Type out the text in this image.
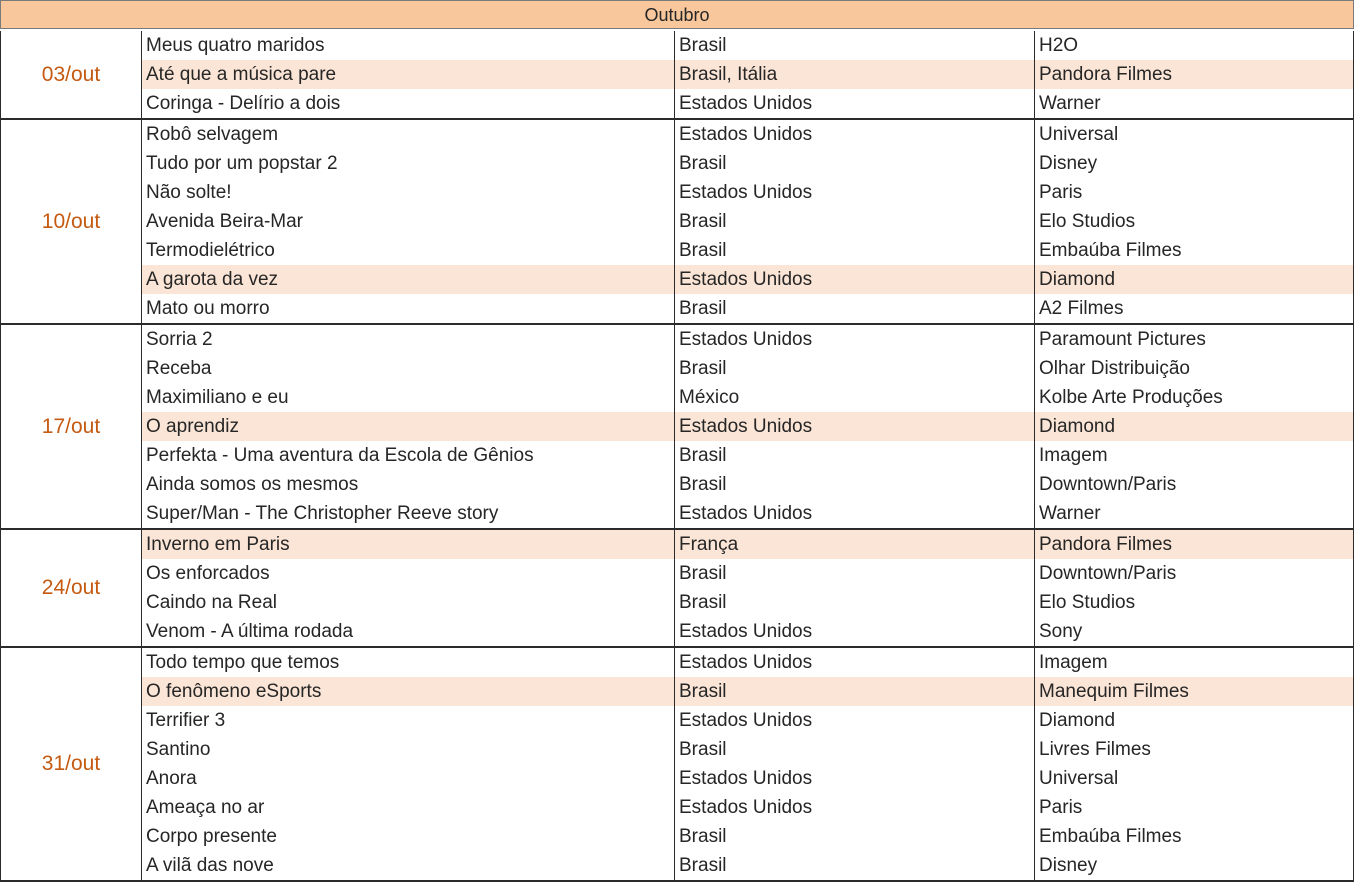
Outubro
03/out
Meus quatro maridos	Brasil	H2O
Até que a música pare	Brasil, Itália	Pandora Filmes
Coringa - Delírio a dois	Estados Unidos	Warner
10/out
Robô selvagem	Estados Unidos	Universal
Tudo por um popstar 2	Brasil	Disney
Não solte!	Estados Unidos	Paris
Avenida Beira-Mar	Brasil	Elo Studios
Termodielétrico	Brasil	Embaúba Filmes
A garota da vez	Estados Unidos	Diamond
Mato ou morro	Brasil	A2 Filmes
17/out
Sorria 2	Estados Unidos	Paramount Pictures
Receba	Brasil	Olhar Distribuição
Maximiliano e eu	México	Kolbe Arte Produções
O aprendiz	Estados Unidos	Diamond
Perfekta - Uma aventura da Escola de Gênios	Brasil	Imagem
Ainda somos os mesmos	Brasil	Downtown/Paris
Super/Man - The Christopher Reeve story	Estados Unidos	Warner
24/out
Inverno em Paris	França	Pandora Filmes
Os enforcados	Brasil	Downtown/Paris
Caindo na Real	Brasil	Elo Studios
Venom - A última rodada	Estados Unidos	Sony
31/out
Todo tempo que temos	Estados Unidos	Imagem
O fenômeno eSports	Brasil	Manequim Filmes
Terrifier 3	Estados Unidos	Diamond
Santino	Brasil	Livres Filmes
Anora	Estados Unidos	Universal
Ameaça no ar	Estados Unidos	Paris
Corpo presente	Brasil	Embaúba Filmes
A vilã das nove	Brasil	Disney
